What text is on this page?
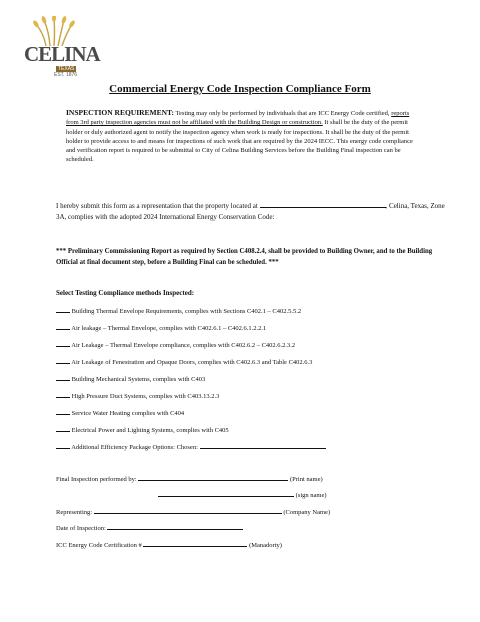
CELINA
TEXAS
EST. 1876
Commercial Energy Code Inspection Compliance Form
INSPECTION REQUIREMENT: Testing may only be performed by individuals that are ICC Energy Code certified, reports from 3rd party inspection agencies must not be affiliated with the Building Design or construction. It shall be the duty of the permit holder or duly authorized agent to notify the inspection agency when work is ready for inspections. It shall be the duty of the permit holder to provide access to and means for inspections of such work that are required by the 2024 IECC. This energy code compliance and verification report is required to be submittal to City of Celina Building Services before the Building Final inspection can be scheduled.
I hereby submit this form as a representation that the property located at	, Celina, Texas, Zone 3A, complies with the adopted 2024 International Energy Conservation Code:
*** Preliminary Commissioning Report as required by Section C408.2.4, shall be provided to Building Owner, and to the Building Official at final document step, before a Building Final can be scheduled. ***
Select Testing Compliance methods Inspected:
Building Thermal Envelope Requirements, complies with Sections C402.1 – C402.5.5.2
Air leakage – Thermal Envelope, complies with C402.6.1 – C402.6.1.2.2.1
Air Leakage – Thermal Envelope compliance, complies with C402.6.2 – C402.6.2.3.2
Air Leakage of Fenestration and Opaque Doors, complies with C402.6.3 and Table C402.6.3
Building Mechanical Systems, complies with C403
High Pressure Duct Systems, complies with C403.13.2.3
Service Water Heating complies with C404
Electrical Power and Lighting Systems, complies with C405
Additional Efficiency Package Options: Chosen:
Final Inspection performed by:	(Print name)
(sign name)
Representing:	(Company Name)
Date of Inspection:
ICC Energy Code Certification #	(Manadorty)
